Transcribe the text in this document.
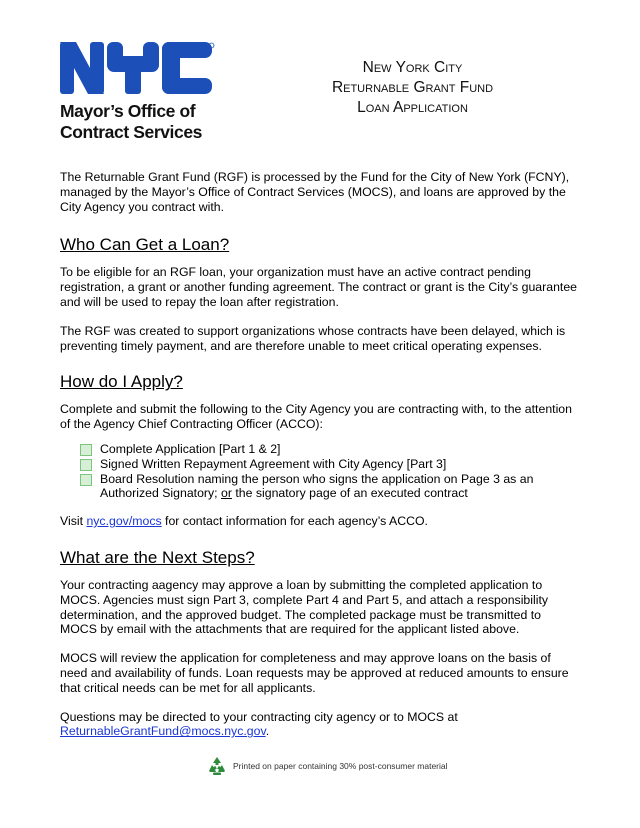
Mayor’s Office of
Contract Services
New York City
Returnable Grant Fund
Loan Application

The Returnable Grant Fund (RGF) is processed by the Fund for the City of New York (FCNY), managed by the Mayor’s Office of Contract Services (MOCS), and loans are approved by the City Agency you contract with.

Who Can Get a Loan?

To be eligible for an RGF loan, your organization must have an active contract pending registration, a grant or another funding agreement. The contract or grant is the City’s guarantee and will be used to repay the loan after registration.

The RGF was created to support organizations whose contracts have been delayed, which is preventing timely payment, and are therefore unable to meet critical operating expenses.

How do I Apply?

Complete and submit the following to the City Agency you are contracting with, to the attention of the Agency Chief Contracting Officer (ACCO):

Complete Application [Part 1 & 2]
Signed Written Repayment Agreement with City Agency [Part 3]
Board Resolution naming the person who signs the application on Page 3 as an Authorized Signatory; or the signatory page of an executed contract

Visit nyc.gov/mocs for contact information for each agency’s ACCO.

What are the Next Steps?

Your contracting aagency may approve a loan by submitting the completed application to MOCS. Agencies must sign Part 3, complete Part 4 and Part 5, and attach a responsibility determination, and the approved budget. The completed package must be transmitted to MOCS by email with the attachments that are required for the applicant listed above.

MOCS will review the application for completeness and may approve loans on the basis of need and availability of funds. Loan requests may be approved at reduced amounts to ensure that critical needs can be met for all applicants.

Questions may be directed to your contracting city agency or to MOCS at ReturnableGrantFund@mocs.nyc.gov.

Printed on paper containing 30% post-consumer material
